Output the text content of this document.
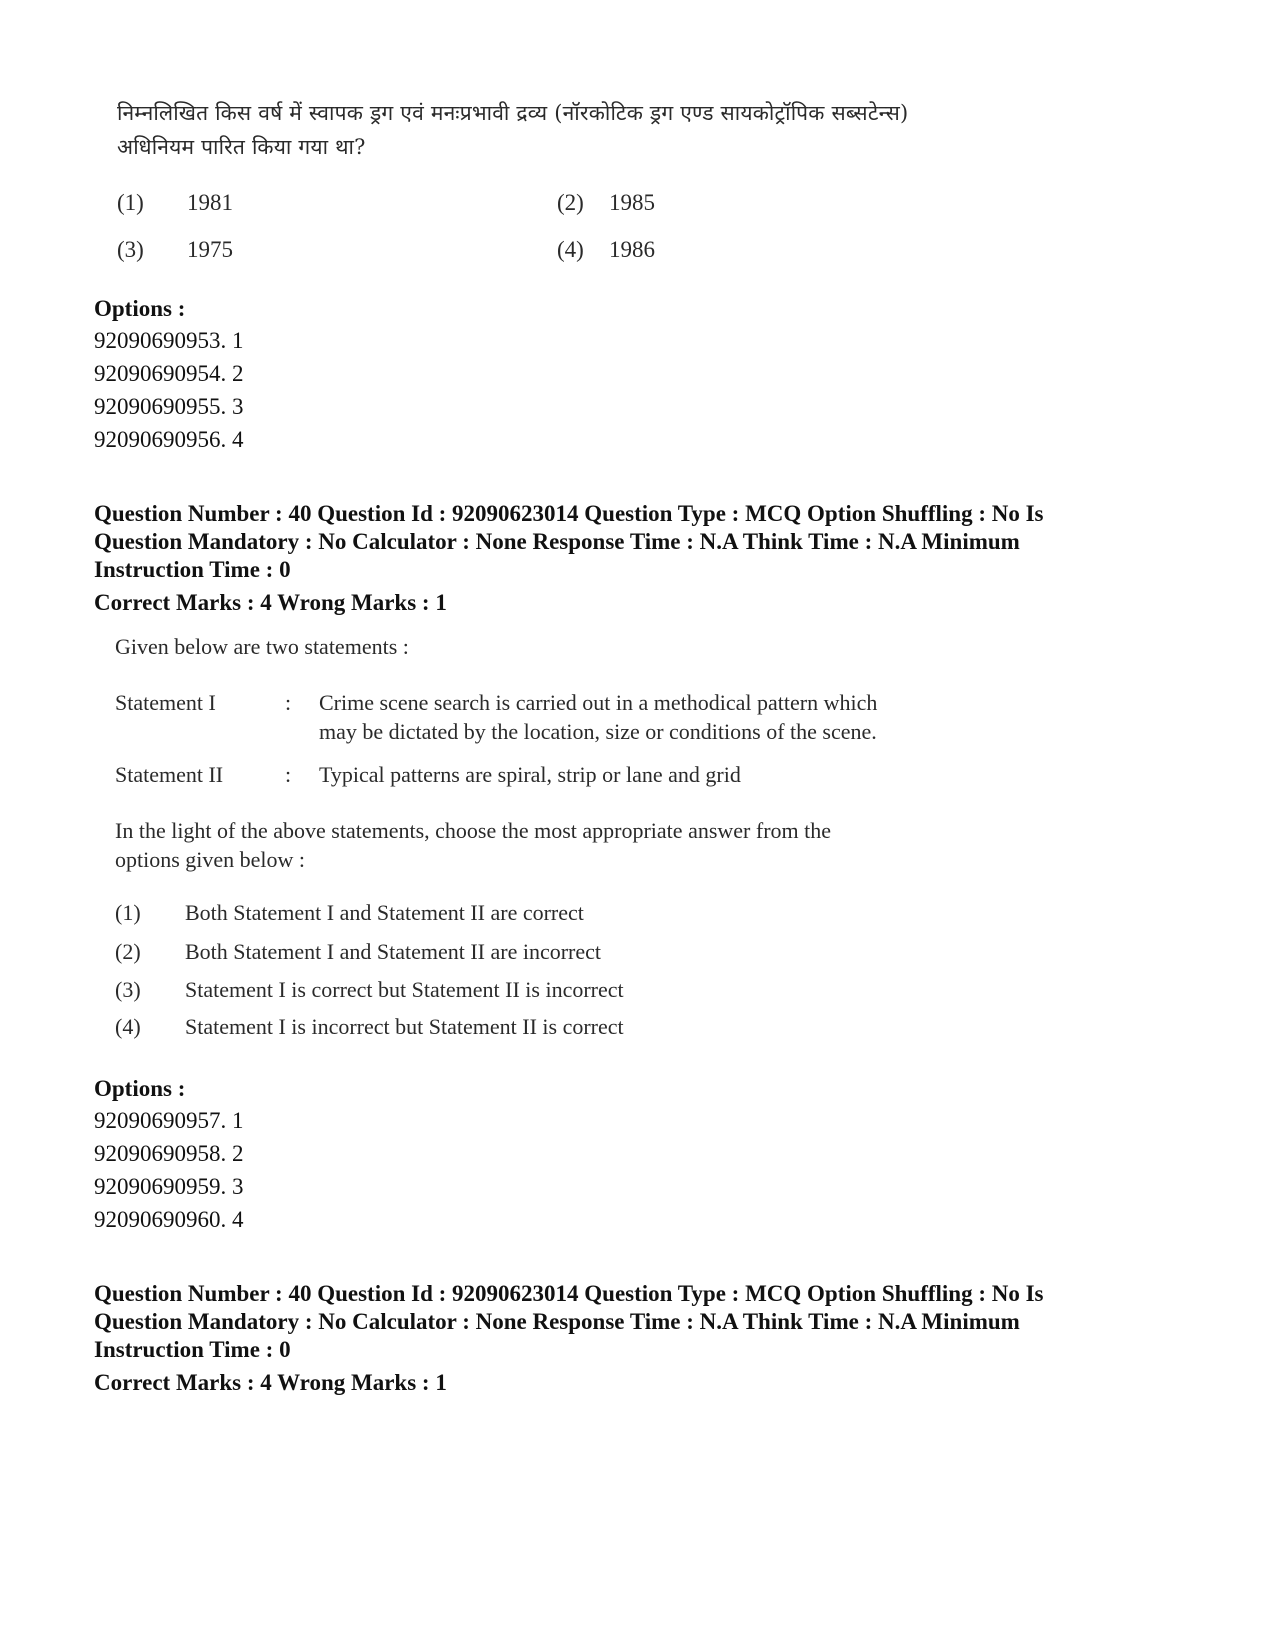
निम्नलिखित किस वर्ष में स्वापक ड्रग एवं मनःप्रभावी द्रव्य (नॉरकोटिक ड्रग एण्ड सायकोट्रॉपिक सब्सटेन्स)
अधिनियम पारित किया गया था?
(1) 1981	(2) 1985
(3) 1975	(4) 1986
Options :
92090690953. 1
92090690954. 2
92090690955. 3
92090690956. 4
Question Number : 40 Question Id : 92090623014 Question Type : MCQ Option Shuffling : No Is
Question Mandatory : No Calculator : None Response Time : N.A Think Time : N.A Minimum
Instruction Time : 0
Correct Marks : 4 Wrong Marks : 1
Given below are two statements :
Statement I	:	Crime scene search is carried out in a methodical pattern which
may be dictated by the location, size or conditions of the scene.
Statement II	:	Typical patterns are spiral, strip or lane and grid
In the light of the above statements, choose the most appropriate answer from the
options given below :
(1) Both Statement I and Statement II are correct
(2) Both Statement I and Statement II are incorrect
(3) Statement I is correct but Statement II is incorrect
(4) Statement I is incorrect but Statement II is correct
Options :
92090690957. 1
92090690958. 2
92090690959. 3
92090690960. 4
Question Number : 40 Question Id : 92090623014 Question Type : MCQ Option Shuffling : No Is
Question Mandatory : No Calculator : None Response Time : N.A Think Time : N.A Minimum
Instruction Time : 0
Correct Marks : 4 Wrong Marks : 1
